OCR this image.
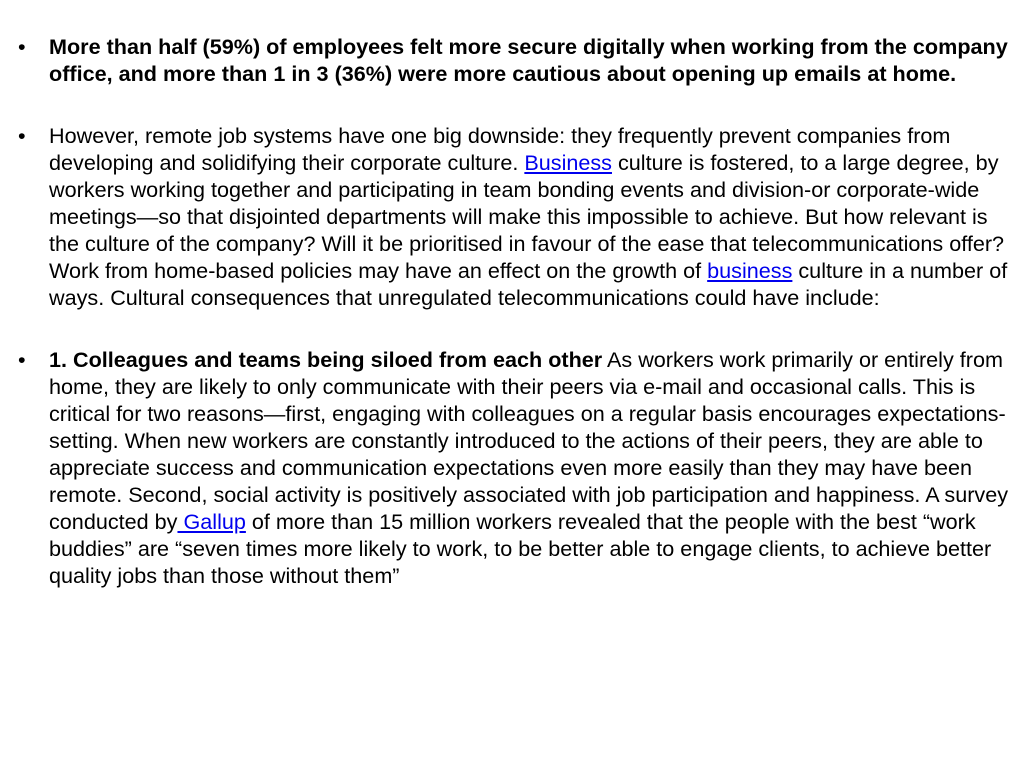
• More than half (59%) of employees felt more secure digitally when working from the company office, and more than 1 in 3 (36%) were more cautious about opening up emails at home.
• However, remote job systems have one big downside: they frequently prevent companies from developing and solidifying their corporate culture. Business culture is fostered, to a large degree, by workers working together and participating in team bonding events and division-or corporate-wide meetings—so that disjointed departments will make this impossible to achieve. But how relevant is the culture of the company? Will it be prioritised in favour of the ease that telecommunications offer? Work from home-based policies may have an effect on the growth of business culture in a number of ways. Cultural consequences that unregulated telecommunications could have include:
• 1. Colleagues and teams being siloed from each other As workers work primarily or entirely from home, they are likely to only communicate with their peers via e-mail and occasional calls. This is critical for two reasons—first, engaging with colleagues on a regular basis encourages expectations-setting. When new workers are constantly introduced to the actions of their peers, they are able to appreciate success and communication expectations even more easily than they may have been remote. Second, social activity is positively associated with job participation and happiness. A survey conducted by Gallup of more than 15 million workers revealed that the people with the best “work buddies” are “seven times more likely to work, to be better able to engage clients, to achieve better quality jobs than those without them”
